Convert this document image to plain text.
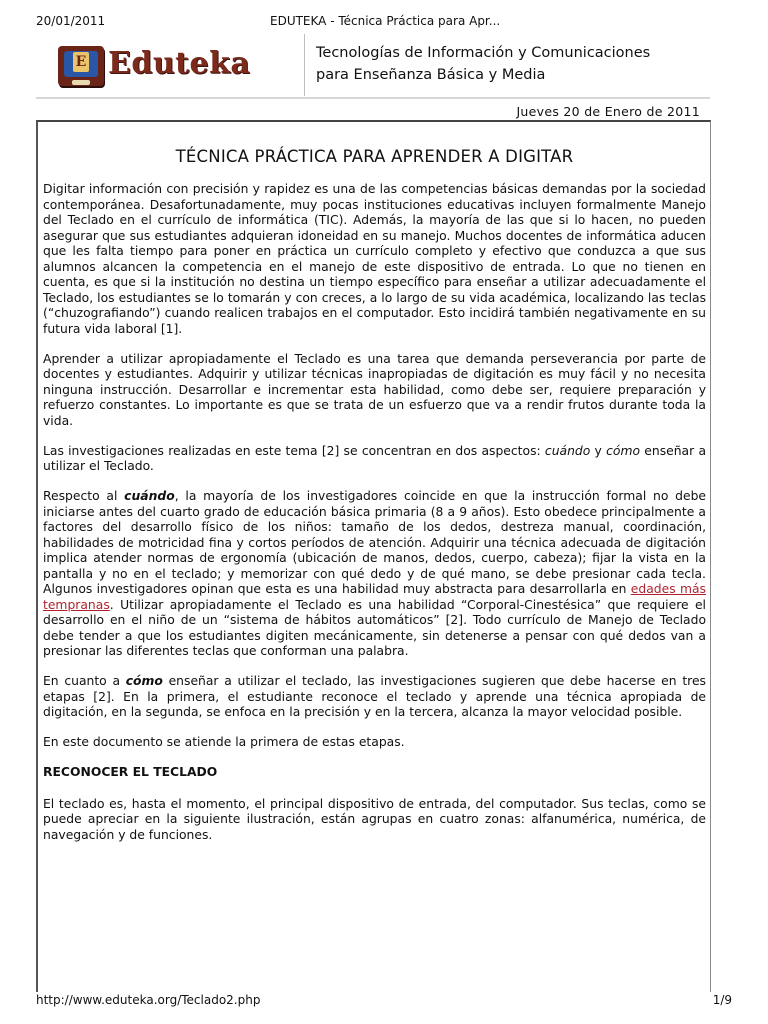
20/01/2011	EDUTEKA - Técnica Práctica para Apr...
E Eduteka	Tecnologías de Información y Comunicaciones
para Enseñanza Básica y Media
Jueves 20 de Enero de 2011
TÉCNICA PRÁCTICA PARA APRENDER A DIGITAR

Digitar información con precisión y rapidez es una de las competencias básicas demandas por la sociedad contemporánea. Desafortunadamente, muy pocas instituciones educativas incluyen formalmente Manejo del Teclado en el currículo de informática (TIC). Además, la mayoría de las que si lo hacen, no pueden asegurar que sus estudiantes adquieran idoneidad en su manejo. Muchos docentes de informática aducen que les falta tiempo para poner en práctica un currículo completo y efectivo que conduzca a que sus alumnos alcancen la competencia en el manejo de este dispositivo de entrada. Lo que no tienen en cuenta, es que si la institución no destina un tiempo específico para enseñar a utilizar adecuadamente el Teclado, los estudiantes se lo tomarán y con creces, a lo largo de su vida académica, localizando las teclas (“chuzografiando”) cuando realicen trabajos en el computador. Esto incidirá también negativamente en su futura vida laboral [1].

Aprender a utilizar apropiadamente el Teclado es una tarea que demanda perseverancia por parte de docentes y estudiantes. Adquirir y utilizar técnicas inapropiadas de digitación es muy fácil y no necesita ninguna instrucción. Desarrollar e incrementar esta habilidad, como debe ser, requiere preparación y refuerzo constantes. Lo importante es que se trata de un esfuerzo que va a rendir frutos durante toda la vida.

Las investigaciones realizadas en este tema [2] se concentran en dos aspectos: cuándo y cómo enseñar a utilizar el Teclado.

Respecto al cuándo, la mayoría de los investigadores coincide en que la instrucción formal no debe iniciarse antes del cuarto grado de educación básica primaria (8 a 9 años). Esto obedece principalmente a factores del desarrollo físico de los niños: tamaño de los dedos, destreza manual, coordinación, habilidades de motricidad fina y cortos períodos de atención. Adquirir una técnica adecuada de digitación implica atender normas de ergonomía (ubicación de manos, dedos, cuerpo, cabeza); fijar la vista en la pantalla y no en el teclado; y memorizar con qué dedo y de qué mano, se debe presionar cada tecla. Algunos investigadores opinan que esta es una habilidad muy abstracta para desarrollarla en edades más tempranas. Utilizar apropiadamente el Teclado es una habilidad “Corporal-Cinestésica” que requiere el desarrollo en el niño de un “sistema de hábitos automáticos” [2]. Todo currículo de Manejo de Teclado debe tender a que los estudiantes digiten mecánicamente, sin detenerse a pensar con qué dedos van a presionar las diferentes teclas que conforman una palabra.

En cuanto a cómo enseñar a utilizar el teclado, las investigaciones sugieren que debe hacerse en tres etapas [2]. En la primera, el estudiante reconoce el teclado y aprende una técnica apropiada de digitación, en la segunda, se enfoca en la precisión y en la tercera, alcanza la mayor velocidad posible.

En este documento se atiende la primera de estas etapas.

RECONOCER EL TECLADO

El teclado es, hasta el momento, el principal dispositivo de entrada, del computador. Sus teclas, como se puede apreciar en la siguiente ilustración, están agrupas en cuatro zonas: alfanumérica, numérica, de navegación y de funciones.

http://www.eduteka.org/Teclado2.php	1/9
